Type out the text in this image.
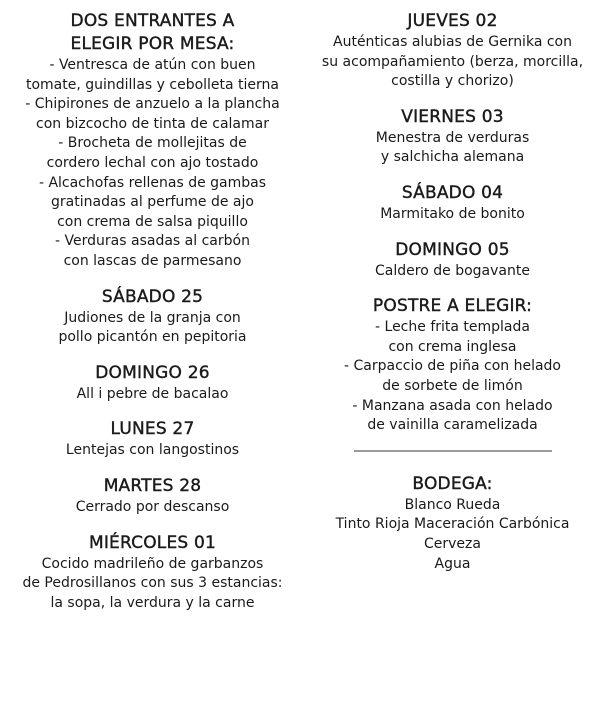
DOS ENTRANTES A
ELEGIR POR MESA:
- Ventresca de atún con buen
tomate, guindillas y cebolleta tierna
- Chipirones de anzuelo a la plancha
con bizcocho de tinta de calamar
- Brocheta de mollejitas de
cordero lechal con ajo tostado
- Alcachofas rellenas de gambas
gratinadas al perfume de ajo
con crema de salsa piquillo
- Verduras asadas al carbón
con lascas de parmesano
SÁBADO 25
Judiones de la granja con
pollo picantón en pepitoria
DOMINGO 26
All i pebre de bacalao
LUNES 27
Lentejas con langostinos
MARTES 28
Cerrado por descanso
MIÉRCOLES 01
Cocido madrileño de garbanzos
de Pedrosillanos con sus 3 estancias:
la sopa, la verdura y la carne
JUEVES 02
Auténticas alubias de Gernika con
su acompañamiento (berza, morcilla,
costilla y chorizo)
VIERNES 03
Menestra de verduras
y salchicha alemana
SÁBADO 04
Marmitako de bonito
DOMINGO 05
Caldero de bogavante
POSTRE A ELEGIR:
- Leche frita templada
con crema inglesa
- Carpaccio de piña con helado
de sorbete de limón
- Manzana asada con helado
de vainilla caramelizada
BODEGA:
Blanco Rueda
Tinto Rioja Maceración Carbónica
Cerveza
Agua
